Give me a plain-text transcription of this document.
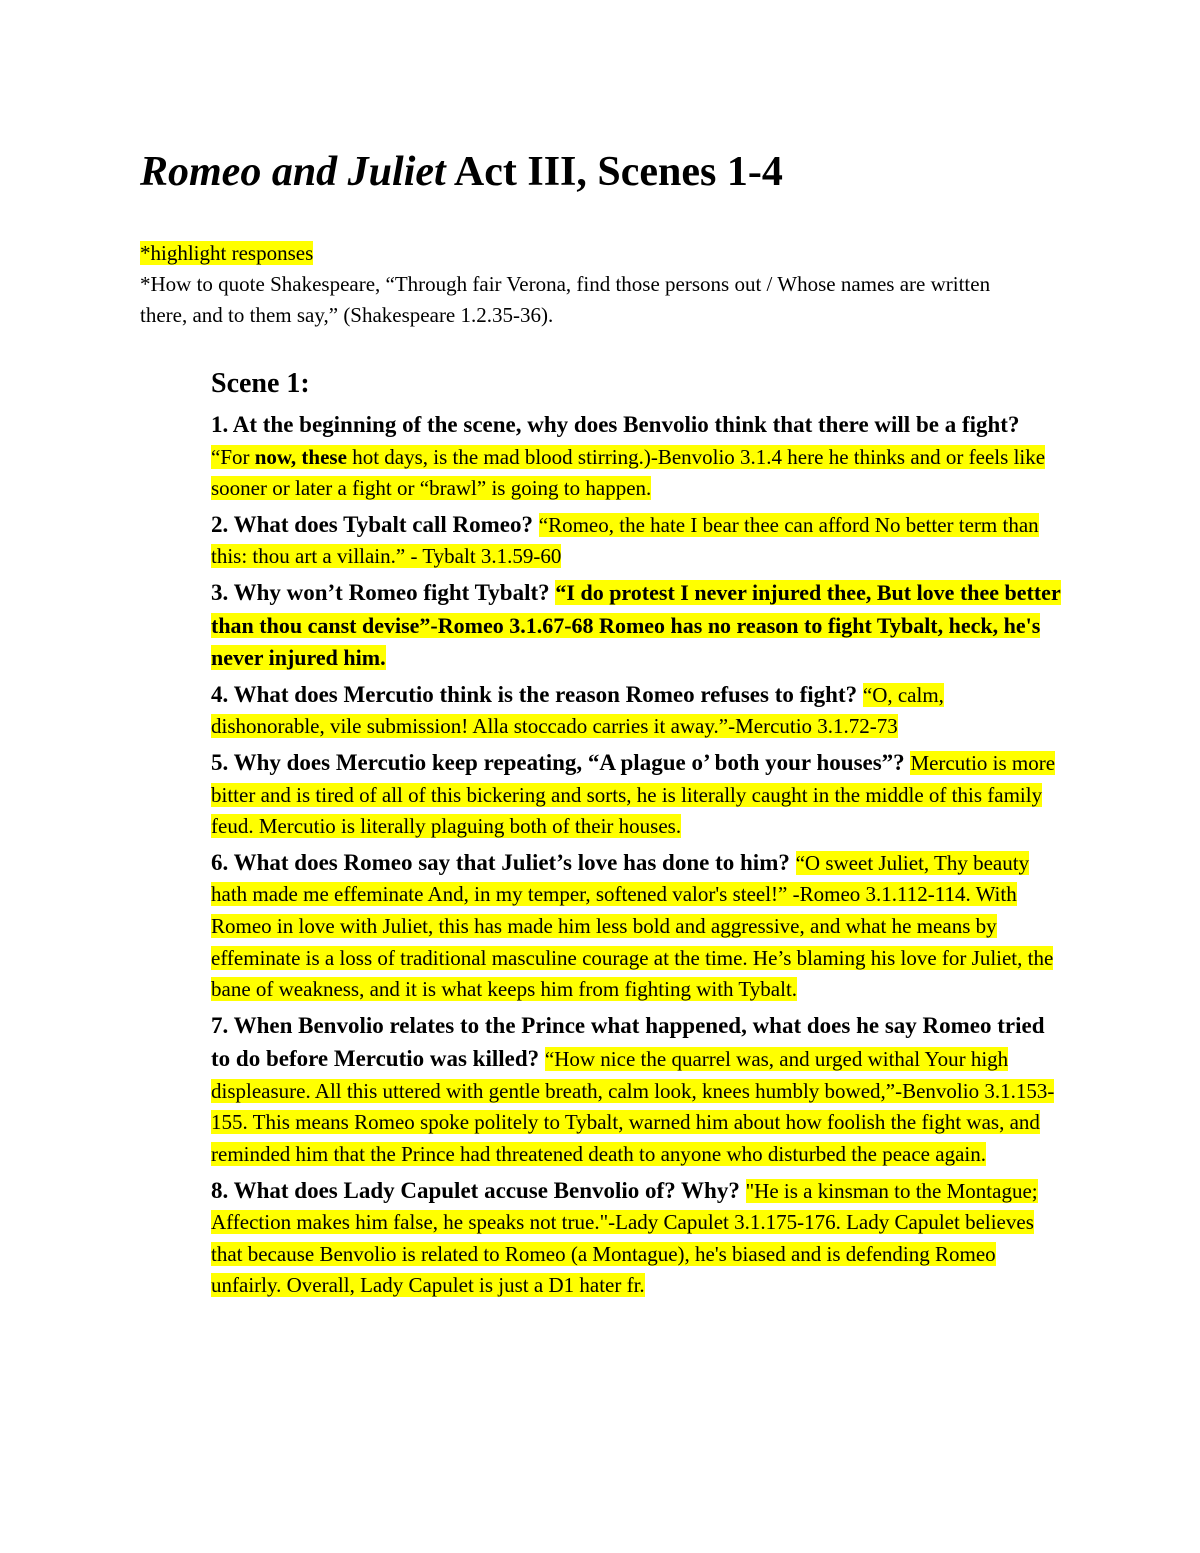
Romeo and Juliet Act III, Scenes 1-4

*highlight responses

*How to quote Shakespeare, “Through fair Verona, find those persons out / Whose names are written there, and to them say,” (Shakespeare 1.2.35-36).

Scene 1:

1. At the beginning of the scene, why does Benvolio think that there will be a fight? “For now, these hot days, is the mad blood stirring.)-Benvolio 3.1.4 here he thinks and or feels like sooner or later a fight or “brawl” is going to happen.

2. What does Tybalt call Romeo? “Romeo, the hate I bear thee can afford No better term than this: thou art a villain.” - Tybalt 3.1.59-60

3. Why won’t Romeo fight Tybalt? “I do protest I never injured thee, But love thee better than thou canst devise”-Romeo 3.1.67-68 Romeo has no reason to fight Tybalt, heck, he's never injured him.

4. What does Mercutio think is the reason Romeo refuses to fight? “O, calm, dishonorable, vile submission! Alla stoccado carries it away.”-Mercutio 3.1.72-73

5. Why does Mercutio keep repeating, “A plague o’ both your houses”? Mercutio is more bitter and is tired of all of this bickering and sorts, he is literally caught in the middle of this family feud. Mercutio is literally plaguing both of their houses.

6. What does Romeo say that Juliet’s love has done to him? “O sweet Juliet, Thy beauty hath made me effeminate And, in my temper, softened valor's steel!” -Romeo 3.1.112-114. With Romeo in love with Juliet, this has made him less bold and aggressive, and what he means by effeminate is a loss of traditional masculine courage at the time. He’s blaming his love for Juliet, the bane of weakness, and it is what keeps him from fighting with Tybalt.

7. When Benvolio relates to the Prince what happened, what does he say Romeo tried to do before Mercutio was killed? “How nice the quarrel was, and urged withal Your high displeasure. All this uttered with gentle breath, calm look, knees humbly bowed,”-Benvolio 3.1.153-155. This means Romeo spoke politely to Tybalt, warned him about how foolish the fight was, and reminded him that the Prince had threatened death to anyone who disturbed the peace again.

8. What does Lady Capulet accuse Benvolio of? Why? "He is a kinsman to the Montague; Affection makes him false, he speaks not true."-Lady Capulet 3.1.175-176. Lady Capulet believes that because Benvolio is related to Romeo (a Montague), he's biased and is defending Romeo unfairly. Overall, Lady Capulet is just a D1 hater fr.
